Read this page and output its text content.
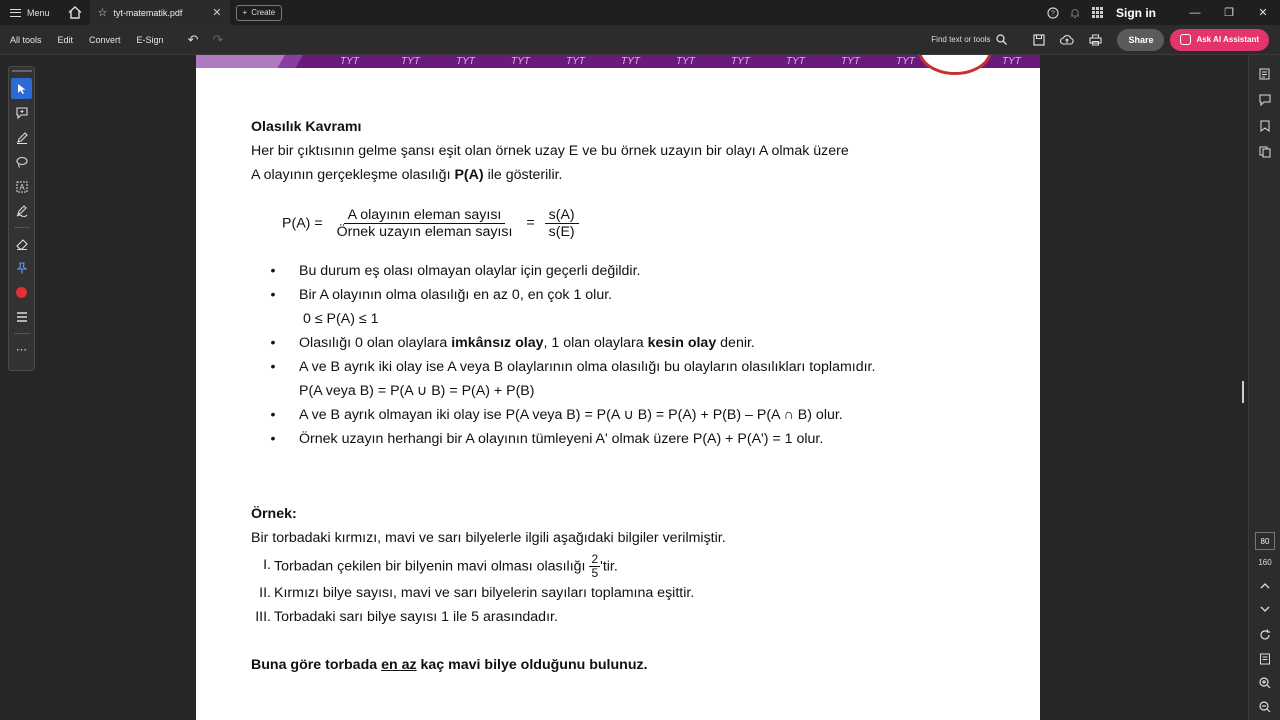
Menu	☆ tyt-matematik.pdf	✕	+ Create	?	Sign in	—	❐	✕
All tools	Edit	Convert	E-Sign	↶ ↷	Find text or tools	Share	Ask AI Assistant
A
⋯
TYT	TYT	TYT	TYT	TYT	TYT	TYT	TYT	TYT	TYT	TYT	TYT
Olasılık Kavramı
Her bir çıktısının gelme şansı eşit olan örnek uzay E ve bu örnek uzayın bir olayı A olmak üzere
A olayının gerçekleşme olasılığı P(A) ile gösterilir.
$P(A) = \frac{\text{A olayının eleman sayısı}}{\text{Örnek uzayın eleman sayısı}} = \frac{s(A)}{s(E)}$
• Bu durum eş olası olmayan olaylar için geçerli değildir.
• Bir A olayının olma olasılığı en az 0, en çok 1 olur.
0 ≤ P(A) ≤ 1
• Olasılığı 0 olan olaylara imkânsız olay, 1 olan olaylara kesin olay denir.
• A ve B ayrık iki olay ise A veya B olaylarının olma olasılığı bu olayların olasılıkları toplamıdır.
P(A veya B) = P(A ∪ B) = P(A) + P(B)
• A ve B ayrık olmayan iki olay ise P(A veya B) = P(A ∪ B) = P(A) + P(B) – P(A ∩ B) olur.
• Örnek uzayın herhangi bir A olayının tümleyeni A' olmak üzere P(A) + P(A') = 1 olur.
Örnek:
Bir torbadaki kırmızı, mavi ve sarı bilyelerle ilgili aşağıdaki bilgiler verilmiştir.
I. Torbadan çekilen bir bilyenin mavi olması olasılığı $\frac{2}{5}$ 'tir.
II. Kırmızı bilye sayısı, mavi ve sarı bilyelerin sayıları toplamına eşittir.
III. Torbadaki sarı bilye sayısı 1 ile 5 arasındadır.
Buna göre torbada en az kaç mavi bilye olduğunu bulunuz.
80
160
